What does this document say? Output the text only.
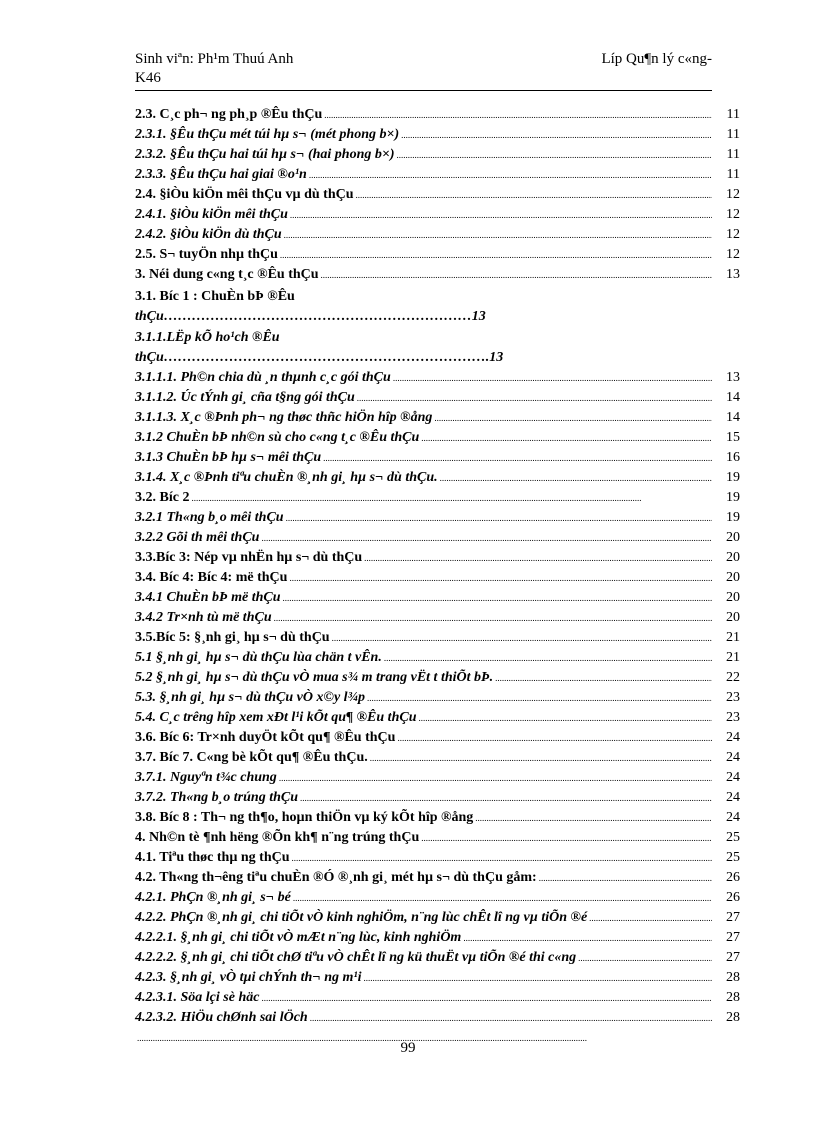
Sinh viªn: Ph¹m Thuú Anh	Líp Qu¶n lý c«ng-
K46
2.3. C¸c ph¬ ng ph¸p ®Êu thÇu .....	11
2.3.1. §Êu thÇu mét túi hµ s¬ (mét phong b×) .....	11
2.3.2. §Êu thÇu hai túi hµ s¬ (hai phong b×) .....	11
2.3.3. §Êu thÇu hai giai ®o¹n .....	11
2.4. §iÒu kiÖn mêi thÇu vµ dù thÇu .....	12
2.4.1. §iÒu kiÖn mêi thÇu .....	12
2.4.2. §iÒu kiÖn dù thÇu .....	12
2.5. S¬ tuyÖn nhµ thÇu .....	12
3. Néi dung c«ng t¸c ®Êu thÇu .....	13
3.1. Bíc 1 : ChuÈn bÞ ®Êu
thÇu…………………………………………………………13
3.1.1.LËp kÕ ho¹ch ®Êu
thÇu…………………………………………………………….13
3.1.1.1. Ph©n chia dù ¸n thµnh c¸c gói thÇu .....	13
3.1.1.2. Úc tÝnh gi¸ cña t§ng gói thÇu .....	14
3.1.1.3. X¸c ®Þnh ph¬ ng thøc thñc hiÖn hîp ®ång .....	14
3.1.2 ChuÈn bÞ nh©n sù cho c«ng t¸c ®Êu thÇu .....	15
3.1.3 ChuÈn bÞ hµ s¬ mêi thÇu .....	16
3.1.4. X¸c ®Þnh tiªu chuÈn ®¸nh gi¸ hµ s¬ dù thÇu. .....	19
3.2. Bíc 2 .....	19
3.2.1 Th«ng b¸o mêi thÇu .....	19
3.2.2 Gõi th mêi thÇu .....	20
3.3.Bíc 3: Nép vµ nhËn hµ s¬ dù thÇu .....	20
3.4. Bíc 4: Bíc 4: më thÇu .....	20
3.4.1 ChuÈn bÞ më thÇu .....	20
3.4.2 Tr×nh tù më thÇu .....	20
3.5.Bíc 5: §¸nh gi¸ hµ s¬ dù thÇu .....	21
5.1 §¸nh gi¸ hµ s¬ dù thÇu lùa chän t vÊn. .....	21
5.2 §¸nh gi¸ hµ s¬ dù thÇu vÒ mua s¾ m trang vËt t thiÕt bÞ. .....	22
5.3. §¸nh gi¸ hµ s¬ dù thÇu vÒ x©y l¾p .....	23
5.4. C¸c trêng hîp xem xÐt l¹i kÕt qu¶ ®Êu thÇu .....	23
3.6. Bíc 6: Tr×nh duyÖt kÕt qu¶ ®Êu thÇu .....	24
3.7. Bíc 7. C«ng bè kÕt qu¶ ®Êu thÇu. .....	24
3.7.1. Nguyªn t¾c chung .....	24
3.7.2. Th«ng b¸o trúng thÇu .....	24
3.8. Bíc 8 : Th¬ ng th¶o, hoµn thiÖn vµ ký kÕt hîp ®ång .....	24
4. Nh©n tè ¶nh hëng ®Õn kh¶ n¨ng trúng thÇu .....	25
4.1. Tiªu thøc thµ ng thÇu .....	25
4.2. Th«ng th¬êng tiªu chuÈn ®Ó ®¸nh gi¸ mét hµ s¬ dù thÇu gåm: .....	26
4.2.1. PhÇn ®¸nh gi¸ s¬ bé .....	26
4.2.2. PhÇn ®¸nh gi¸ chi tiÕt vÒ kinh nghiÖm, n¨ng lùc chÊt lî ng vµ tiÕn ®é .....	27
4.2.2.1. §¸nh gi¸ chi tiÕt vÒ mÆt n¨ng lùc, kinh nghiÖm .....	27
4.2.2.2. §¸nh gi¸ chi tiÕt chØ tiªu vÒ chÊt lî ng kü thuËt vµ tiÕn ®é thi c«ng .....	27
4.2.3. §¸nh gi¸ vÒ tµi chÝnh th¬ ng m¹i .....	28
4.2.3.1. Söa lçi sè häc .....	28
4.2.3.2. HiÖu chØnh sai lÖch .....	28
.....
99
